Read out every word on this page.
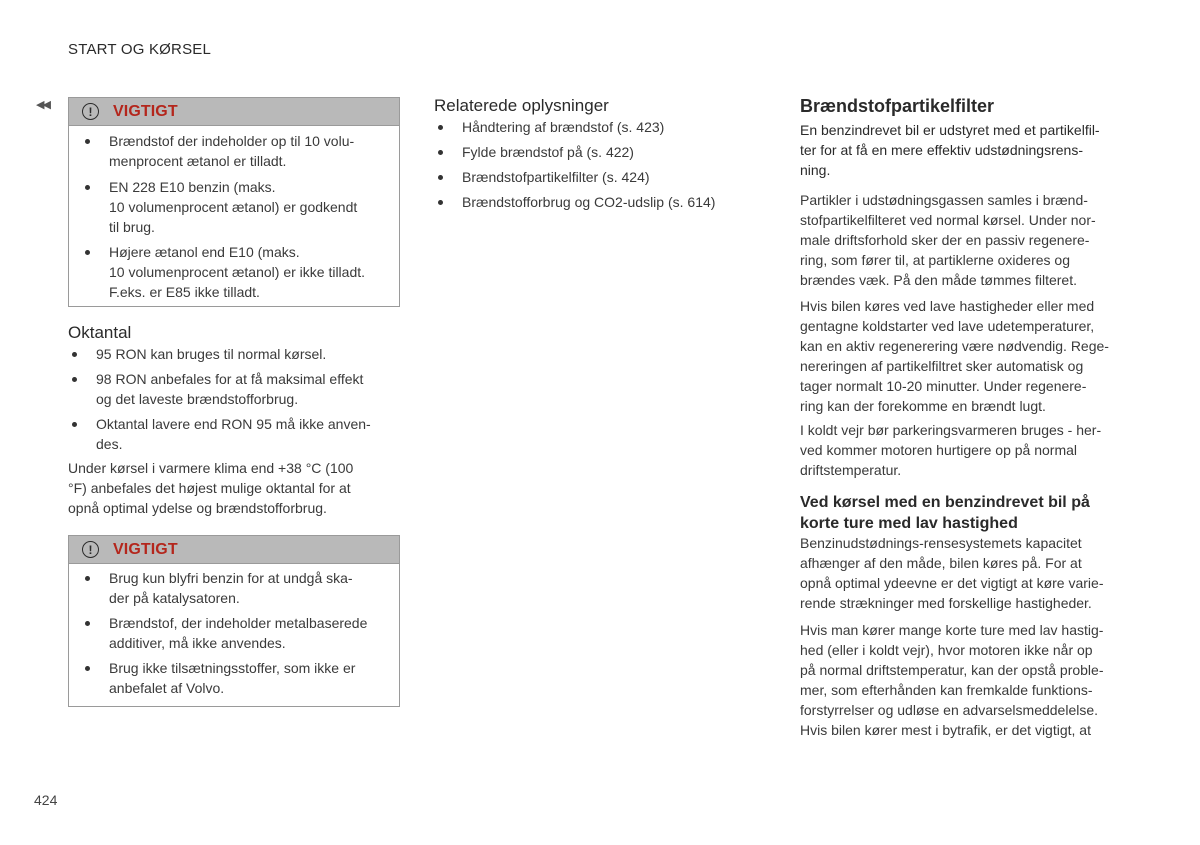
START OG KØRSEL
◀◀	!	VIGTIGT
Brændstof der indeholder op til 10 volu-
menprocent ætanol er tilladt.
EN 228 E10 benzin (maks.
10 volumenprocent ætanol) er godkendt
til brug.
Højere ætanol end E10 (maks.
10 volumenprocent ætanol) er ikke tilladt.
F.eks. er E85 ikke tilladt.
Oktantal
95 RON kan bruges til normal kørsel.
98 RON anbefales for at få maksimal effekt
og det laveste brændstofforbrug.
Oktantal lavere end RON 95 må ikke anven-
des.
Under kørsel i varmere klima end +38 °C (100
°F) anbefales det højest mulige oktantal for at
opnå optimal ydelse og brændstofforbrug.
!	VIGTIGT
Brug kun blyfri benzin for at undgå ska-
der på katalysatoren.
Brændstof, der indeholder metalbaserede
additiver, må ikke anvendes.
Brug ikke tilsætningsstoffer, som ikke er
anbefalet af Volvo.
Relaterede oplysninger
Håndtering af brændstof (s. 423)
Fylde brændstof på (s. 422)
Brændstofpartikelfilter (s. 424)
Brændstofforbrug og CO2-udslip (s. 614)
Brændstofpartikelfilter
En benzindrevet bil er udstyret med et partikelfil-
ter for at få en mere effektiv udstødningsrens-
ning.
Partikler i udstødningsgassen samles i brænd-
stofpartikelfilteret ved normal kørsel. Under nor-
male driftsforhold sker der en passiv regenere-
ring, som fører til, at partiklerne oxideres og
brændes væk. På den måde tømmes filteret.
Hvis bilen køres ved lave hastigheder eller med
gentagne koldstarter ved lave udetemperaturer,
kan en aktiv regenerering være nødvendig. Rege-
nereringen af partikelfiltret sker automatisk og
tager normalt 10-20 minutter. Under regenere-
ring kan der forekomme en brændt lugt.
I koldt vejr bør parkeringsvarmeren bruges - her-
ved kommer motoren hurtigere op på normal
driftstemperatur.
Ved kørsel med en benzindrevet bil på
korte ture med lav hastighed
Benzinudstødnings-rensesystemets kapacitet
afhænger af den måde, bilen køres på. For at
opnå optimal ydeevne er det vigtigt at køre varie-
rende strækninger med forskellige hastigheder.
Hvis man kører mange korte ture med lav hastig-
hed (eller i koldt vejr), hvor motoren ikke når op
på normal driftstemperatur, kan der opstå proble-
mer, som efterhånden kan fremkalde funktions-
forstyrrelser og udløse en advarselsmeddelelse.
Hvis bilen kører mest i bytrafik, er det vigtigt, at
424
